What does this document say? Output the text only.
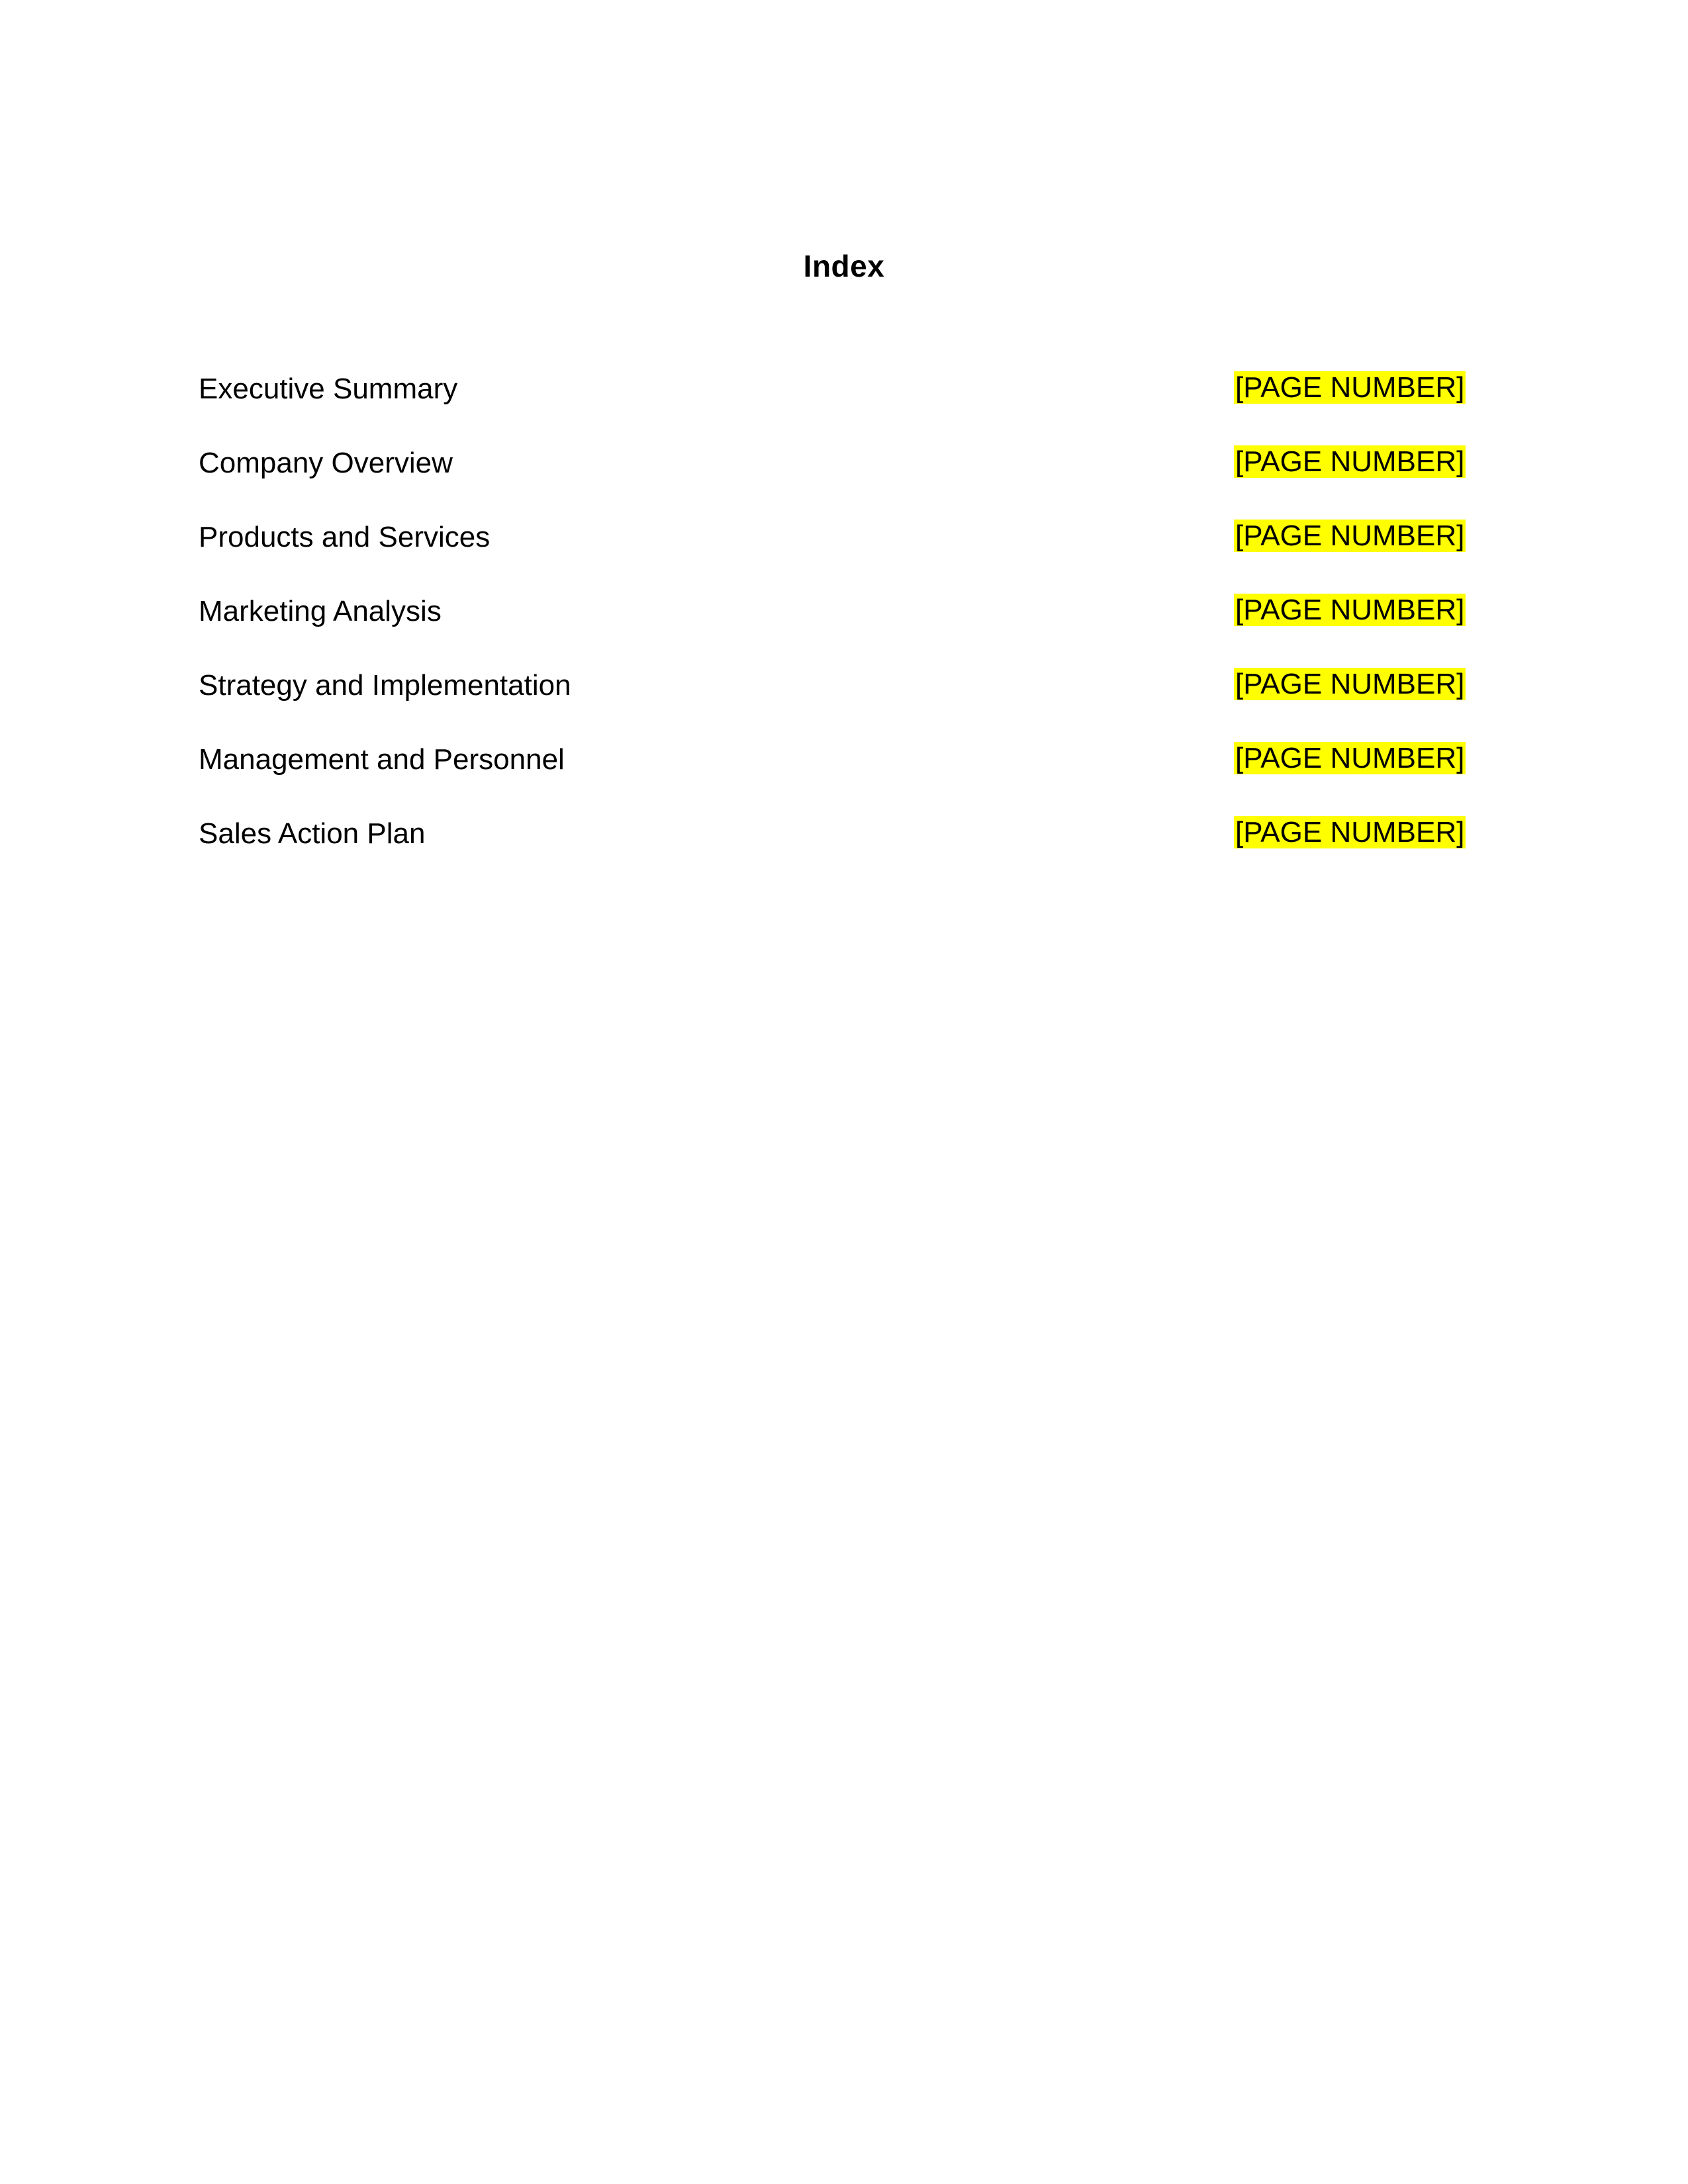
Index
Executive Summary	[PAGE NUMBER]
Company Overview	[PAGE NUMBER]
Products and Services	[PAGE NUMBER]
Marketing Analysis	[PAGE NUMBER]
Strategy and Implementation	[PAGE NUMBER]
Management and Personnel	[PAGE NUMBER]
Sales Action Plan	[PAGE NUMBER]
